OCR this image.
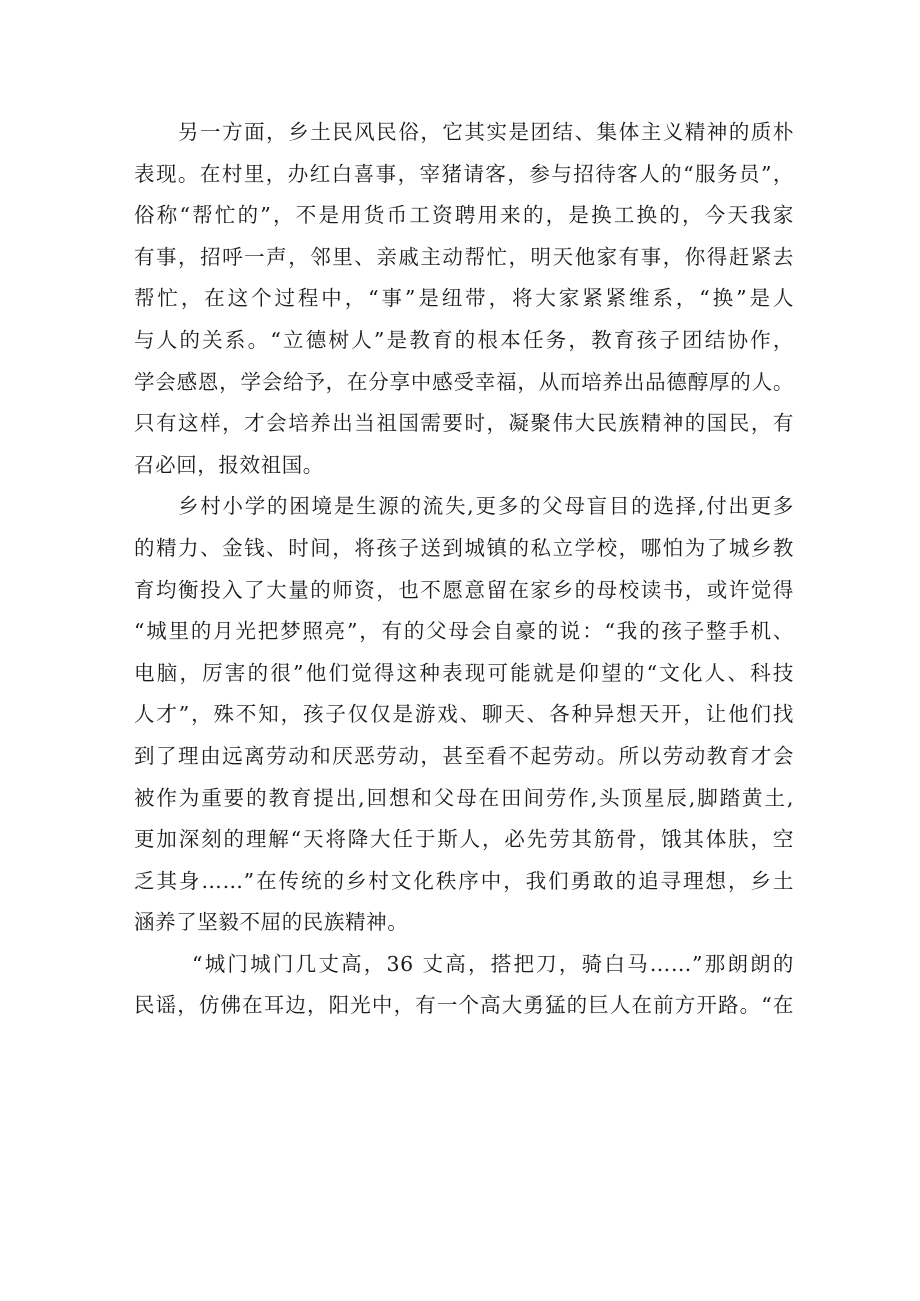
另一方面，乡土民风民俗，它其实是团结、集体主义精神的质朴
表现。在村里，办红白喜事，宰猪请客，参与招待客人的“服务员”，
俗称“帮忙的”，不是用货币工资聘用来的，是换工换的，今天我家
有事，招呼一声，邻里、亲戚主动帮忙，明天他家有事，你得赶紧去
帮忙，在这个过程中，“事”是纽带，将大家紧紧维系，“换”是人
与人的关系。“立德树人”是教育的根本任务，教育孩子团结协作，
学会感恩，学会给予，在分享中感受幸福，从而培养出品德醇厚的人。
只有这样，才会培养出当祖国需要时，凝聚伟大民族精神的国民，有
召必回，报效祖国。
乡村小学的困境是生源的流失,更多的父母盲目的选择,付出更多
的精力、金钱、时间，将孩子送到城镇的私立学校，哪怕为了城乡教
育均衡投入了大量的师资，也不愿意留在家乡的母校读书，或许觉得
“城里的月光把梦照亮”，有的父母会自豪的说：“我的孩子整手机、
电脑，厉害的很”他们觉得这种表现可能就是仰望的“文化人、科技
人才”，殊不知，孩子仅仅是游戏、聊天、各种异想天开，让他们找
到了理由远离劳动和厌恶劳动，甚至看不起劳动。所以劳动教育才会
被作为重要的教育提出,回想和父母在田间劳作,头顶星辰,脚踏黄土,
更加深刻的理解“天将降大任于斯人，必先劳其筋骨，饿其体肤，空
乏其身……”在传统的乡村文化秩序中，我们勇敢的追寻理想，乡土
涵养了坚毅不屈的民族精神。
“城门城门几丈高，36 丈高，搭把刀，骑白马……”那朗朗的
民谣，仿佛在耳边，阳光中，有一个高大勇猛的巨人在前方开路。“在
